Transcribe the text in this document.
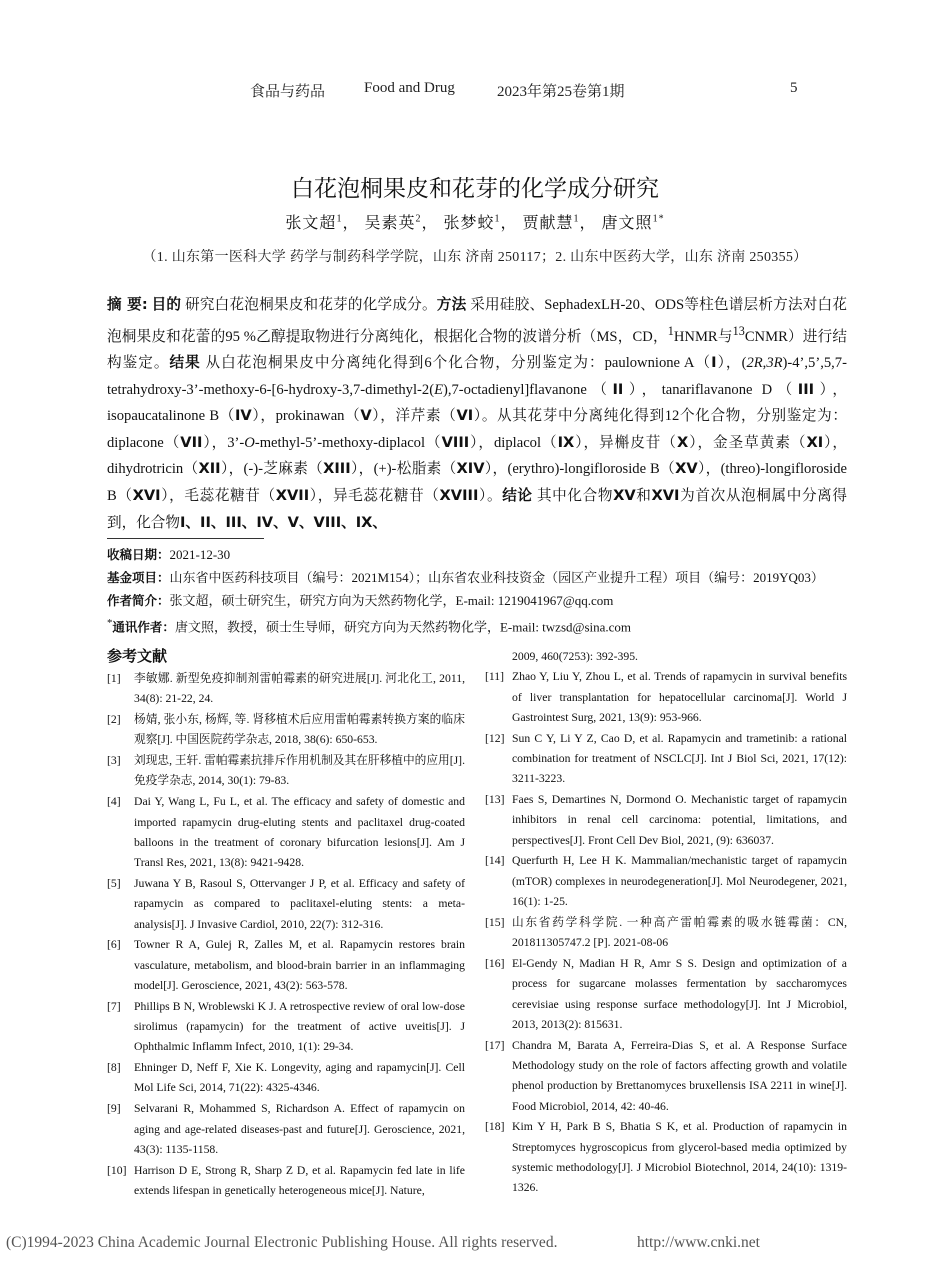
食品与药品	Food and Drug	2023年第25卷第1期	5
白花泡桐果皮和花芽的化学成分研究
张文超$^1$， 吴素英$^2$， 张梦蛟$^1$， 贾献慧$^1$， 唐文照$^{1*}$
（1. 山东第一医科大学 药学与制药科学学院，山东 济南 250117；2. 山东中医药大学，山东 济南 250355）
摘 要: 目的 研究白花泡桐果皮和花芽的化学成分。方法 采用硅胶、SephadexLH-20、ODS等柱色谱层析方法对白花泡桐果皮和花蕾的95 %乙醇提取物进行分离纯化，根据化合物的波谱分析（MS，CD，$^1$HNMR与$^{13}$CNMR）进行结构鉴定。结果 从白花泡桐果皮中分离纯化得到6个化合物，分别鉴定为：paulownione A（I），(2R,3R)-4’,5’,5,7-tetrahydroxy-3’-methoxy-6-[6-hydroxy-3,7-dimethyl-2(E),7-octadienyl]flavanone（II），tanariflavanone D（III），isopaucatalinone B（IV），prokinawan（V），洋芹素（VI）。从其花芽中分离纯化得到12个化合物，分别鉴定为：diplacone（VII），3’-O-methyl-5’-methoxy-diplacol（VIII），diplacol（IX），异槲皮苷（X），金圣草黄素（XI），dihydrotricin（XII），(-)-芝麻素（XIII），(+)-松脂素（XIV），(erythro)-longifloroside B（XV），(threo)-longifloroside B（XVI），毛蕊花糖苷（XVII），异毛蕊花糖苷（XVIII）。结论 其中化合物XV和XVI为首次从泡桐属中分离得到，化合物I、II、III、IV、V、VIII、IX、
收稿日期：2021-12-30
基金项目：山东省中医药科技项目（编号：2021M154）；山东省农业科技资金（园区产业提升工程）项目（编号：2019YQ03）
作者简介：张文超，硕士研究生，研究方向为天然药物化学，E-mail: 1219041967@qq.com
*通讯作者：唐文照，教授，硕士生导师，研究方向为天然药物化学，E-mail: twzsd@sina.com
参考文献

[1] 李敏娜. 新型免疫抑制剂雷帕霉素的研究进展[J]. 河北化工, 2011, 34(8): 21-22, 24.

[2] 杨婧, 张小东, 杨辉, 等. 肾移植术后应用雷帕霉素转换方案的临床观察[J]. 中国医院药学杂志, 2018, 38(6): 650-653.

[3] 刘现忠, 王轩. 雷帕霉素抗排斥作用机制及其在肝移植中的应用[J]. 免疫学杂志, 2014, 30(1): 79-83.

[4] Dai Y, Wang L, Fu L, et al. The efficacy and safety of domestic and imported rapamycin drug-eluting stents and paclitaxel drug-coated balloons in the treatment of coronary bifurcation lesions[J]. Am J Transl Res, 2021, 13(8): 9421-9428.

[5] Juwana Y B, Rasoul S, Ottervanger J P, et al. Efficacy and safety of rapamycin as compared to paclitaxel-eluting stents: a meta-analysis[J]. J Invasive Cardiol, 2010, 22(7): 312-316.

[6] Towner R A, Gulej R, Zalles M, et al. Rapamycin restores brain vasculature, metabolism, and blood-brain barrier in an inflammaging model[J]. Geroscience, 2021, 43(2): 563-578.

[7] Phillips B N, Wroblewski K J. A retrospective review of oral low-dose sirolimus (rapamycin) for the treatment of active uveitis[J]. J Ophthalmic Inflamm Infect, 2010, 1(1): 29-34.

[8] Ehninger D, Neff F, Xie K. Longevity, aging and rapamycin[J]. Cell Mol Life Sci, 2014, 71(22): 4325-4346.

[9] Selvarani R, Mohammed S, Richardson A. Effect of rapamycin on aging and age-related diseases-past and future[J]. Geroscience, 2021, 43(3): 1135-1158.

[10] Harrison D E, Strong R, Sharp Z D, et al. Rapamycin fed late in life extends lifespan in genetically heterogeneous mice[J]. Nature,

2009, 460(7253): 392-395.

[11] Zhao Y, Liu Y, Zhou L, et al. Trends of rapamycin in survival benefits of liver transplantation for hepatocellular carcinoma[J]. World J Gastrointest Surg, 2021, 13(9): 953-966.

[12] Sun C Y, Li Y Z, Cao D, et al. Rapamycin and trametinib: a rational combination for treatment of NSCLC[J]. Int J Biol Sci, 2021, 17(12): 3211-3223.

[13] Faes S, Demartines N, Dormond O. Mechanistic target of rapamycin inhibitors in renal cell carcinoma: potential, limitations, and perspectives[J]. Front Cell Dev Biol, 2021, (9): 636037.

[14] Querfurth H, Lee H K. Mammalian/mechanistic target of rapamycin (mTOR) complexes in neurodegeneration[J]. Mol Neurodegener, 2021, 16(1): 1-25.

[15] 山东省药学科学院. 一种高产雷帕霉素的吸水链霉菌：CN, 201811305747.2 [P]. 2021-08-06

[16] El-Gendy N, Madian H R, Amr S S. Design and optimization of a process for sugarcane molasses fermentation by saccharomyces cerevisiae using response surface methodology[J]. Int J Microbiol, 2013, 2013(2): 815631.

[17] Chandra M, Barata A, Ferreira-Dias S, et al. A Response Surface Methodology study on the role of factors affecting growth and volatile phenol production by Brettanomyces bruxellensis ISA 2211 in wine[J]. Food Microbiol, 2014, 42: 40-46.

[18] Kim Y H, Park B S, Bhatia S K, et al. Production of rapamycin in Streptomyces hygroscopicus from glycerol-based media optimized by systemic methodology[J]. J Microbiol Biotechnol, 2014, 24(10): 1319-1326.

(C)1994-2023 China Academic Journal Electronic Publishing House. All rights reserved.	http://www.cnki.net
